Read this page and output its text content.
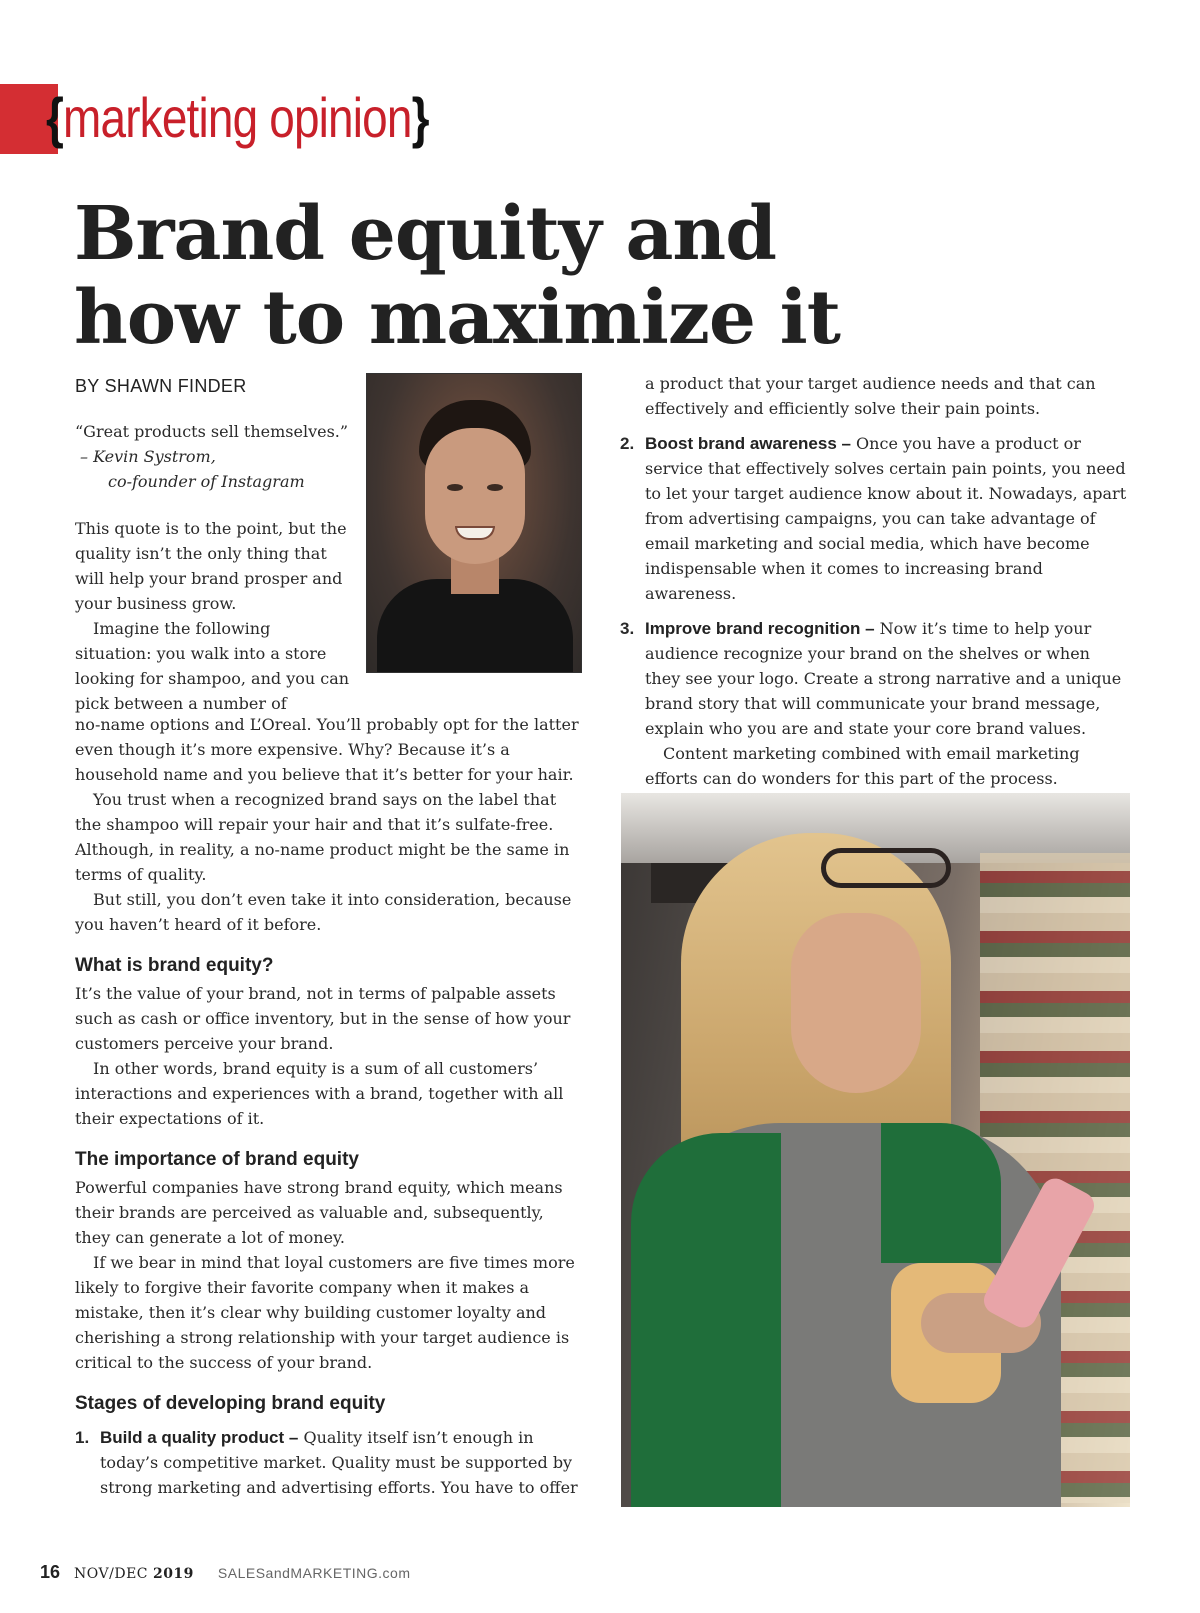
{marketing opinion}
Brand equity and
how to maximize it
BY SHAWN FINDER
“Great products sell themselves.”
– Kevin Systrom,
co-founder of Instagram

This quote is to the point, but the quality isn’t the only thing that will help your brand prosper and your business grow.

Imagine the following situation: you walk into a store looking for shampoo, and you can pick between a number of

no-name options and L’Oreal. You’ll probably opt for the latter even though it’s more expensive. Why? Because it’s a household name and you believe that it’s better for your hair.

You trust when a recognized brand says on the label that the shampoo will repair your hair and that it’s sulfate-free. Although, in reality, a no-name product might be the same in terms of quality.

But still, you don’t even take it into consideration, because you haven’t heard of it before.

What is brand equity?

It’s the value of your brand, not in terms of palpable assets such as cash or office inventory, but in the sense of how your customers perceive your brand.

In other words, brand equity is a sum of all customers’ interactions and experiences with a brand, together with all their expectations of it.

The importance of brand equity

Powerful companies have strong brand equity, which means their brands are perceived as valuable and, subsequently, they can generate a lot of money.

If we bear in mind that loyal customers are five times more likely to forgive their favorite company when it makes a mistake, then it’s clear why building customer loyalty and cherishing a strong relationship with your target audience is critical to the success of your brand.

Stages of developing brand equity
1. Build a quality product – Quality itself isn’t enough in today’s competitive market. Quality must be supported by strong marketing and advertising efforts. You have to offer
a product that your target audience needs and that can effectively and efficiently solve their pain points.
2. Boost brand awareness – Once you have a product or service that effectively solves certain pain points, you need to let your target audience know about it. Nowadays, apart from advertising campaigns, you can take advantage of email marketing and social media, which have become indispensable when it comes to increasing brand awareness.
3. Improve brand recognition – Now it’s time to help your audience recognize your brand on the shelves or when they see your logo. Create a strong narrative and a unique brand story that will communicate your brand message, explain who you are and state your core brand values.

Content marketing combined with email marketing efforts can do wonders for this part of the process.

16 NOV/DEC 2019 SALESandMARKETING.com
